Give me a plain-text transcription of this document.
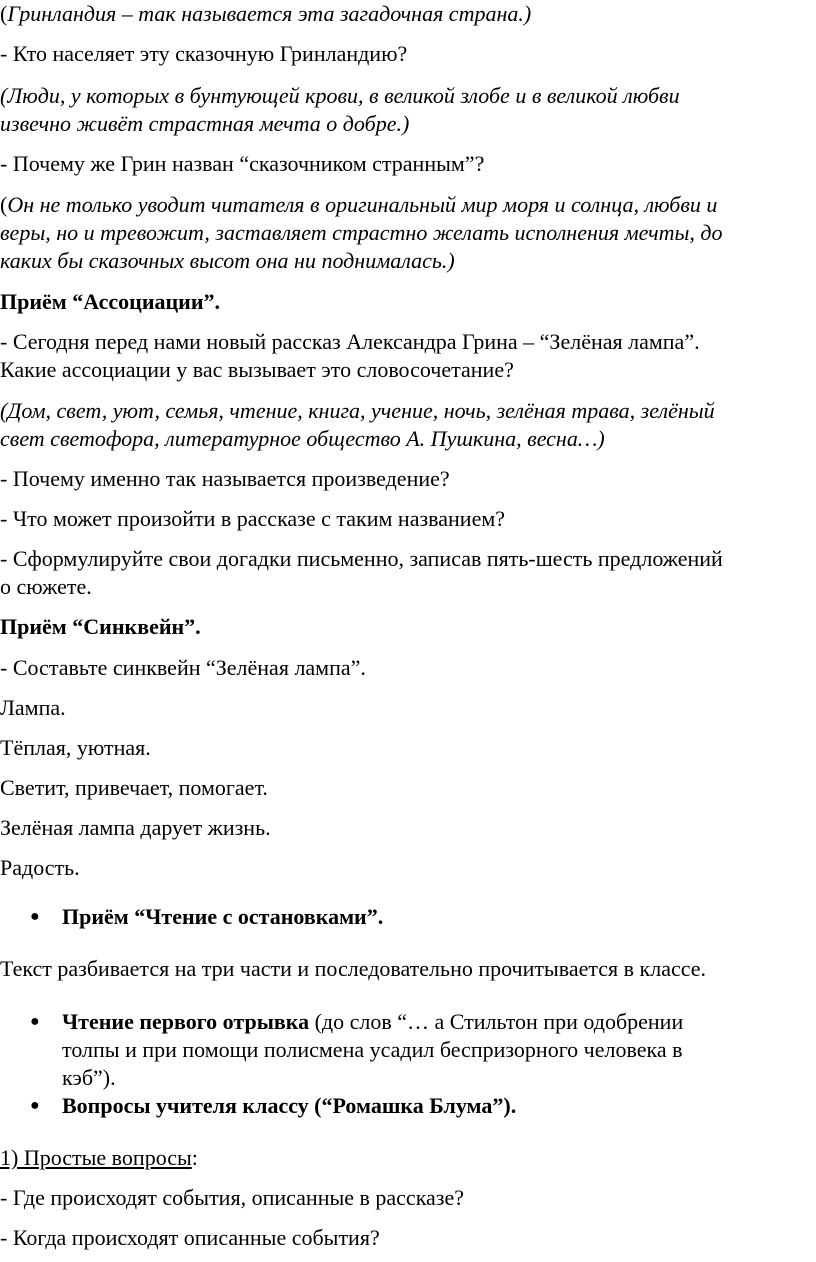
(Гринландия – так называется эта загадочная страна.)

- Кто населяет эту сказочную Гринландию?

(Люди, у которых в бунтующей крови, в великой злобе и в великой любви

извечно живёт страстная мечта о добре.)

- Почему же Грин назван “сказочником странным”?

(Он не только уводит читателя в оригинальный мир моря и солнца, любви и

веры, но и тревожит, заставляет страстно желать исполнения мечты, до

каких бы сказочных высот она ни поднималась.)

Приём “Ассоциации”.

- Сегодня перед нами новый рассказ Александра Грина – “Зелёная лампа”.

Какие ассоциации у вас вызывает это словосочетание?

(Дом, свет, уют, семья, чтение, книга, учение, ночь, зелёная трава, зелёный

свет светофора, литературное общество А. Пушкина, весна…)

- Почему именно так называется произведение?

- Что может произойти в рассказе с таким названием?

- Сформулируйте свои догадки письменно, записав пять-шесть предложений

о сюжете.

Приём “Синквейн”.

- Составьте синквейн “Зелёная лампа”.

Лампа.

Тёплая, уютная.

Светит, привечает, помогает.

Зелёная лампа дарует жизнь.

Радость.

● Приём “Чтение с остановками”.

Текст разбивается на три части и последовательно прочитывается в классе.

● Чтение первого отрывка (до слов “… а Стильтон при одобрении

толпы и при помощи полисмена усадил беспризорного человека в

кэб”).

● Вопросы учителя классу (“Ромашка Блума”).

1) Простые вопросы:

- Где происходят события, описанные в рассказе?

- Когда происходят описанные события?
